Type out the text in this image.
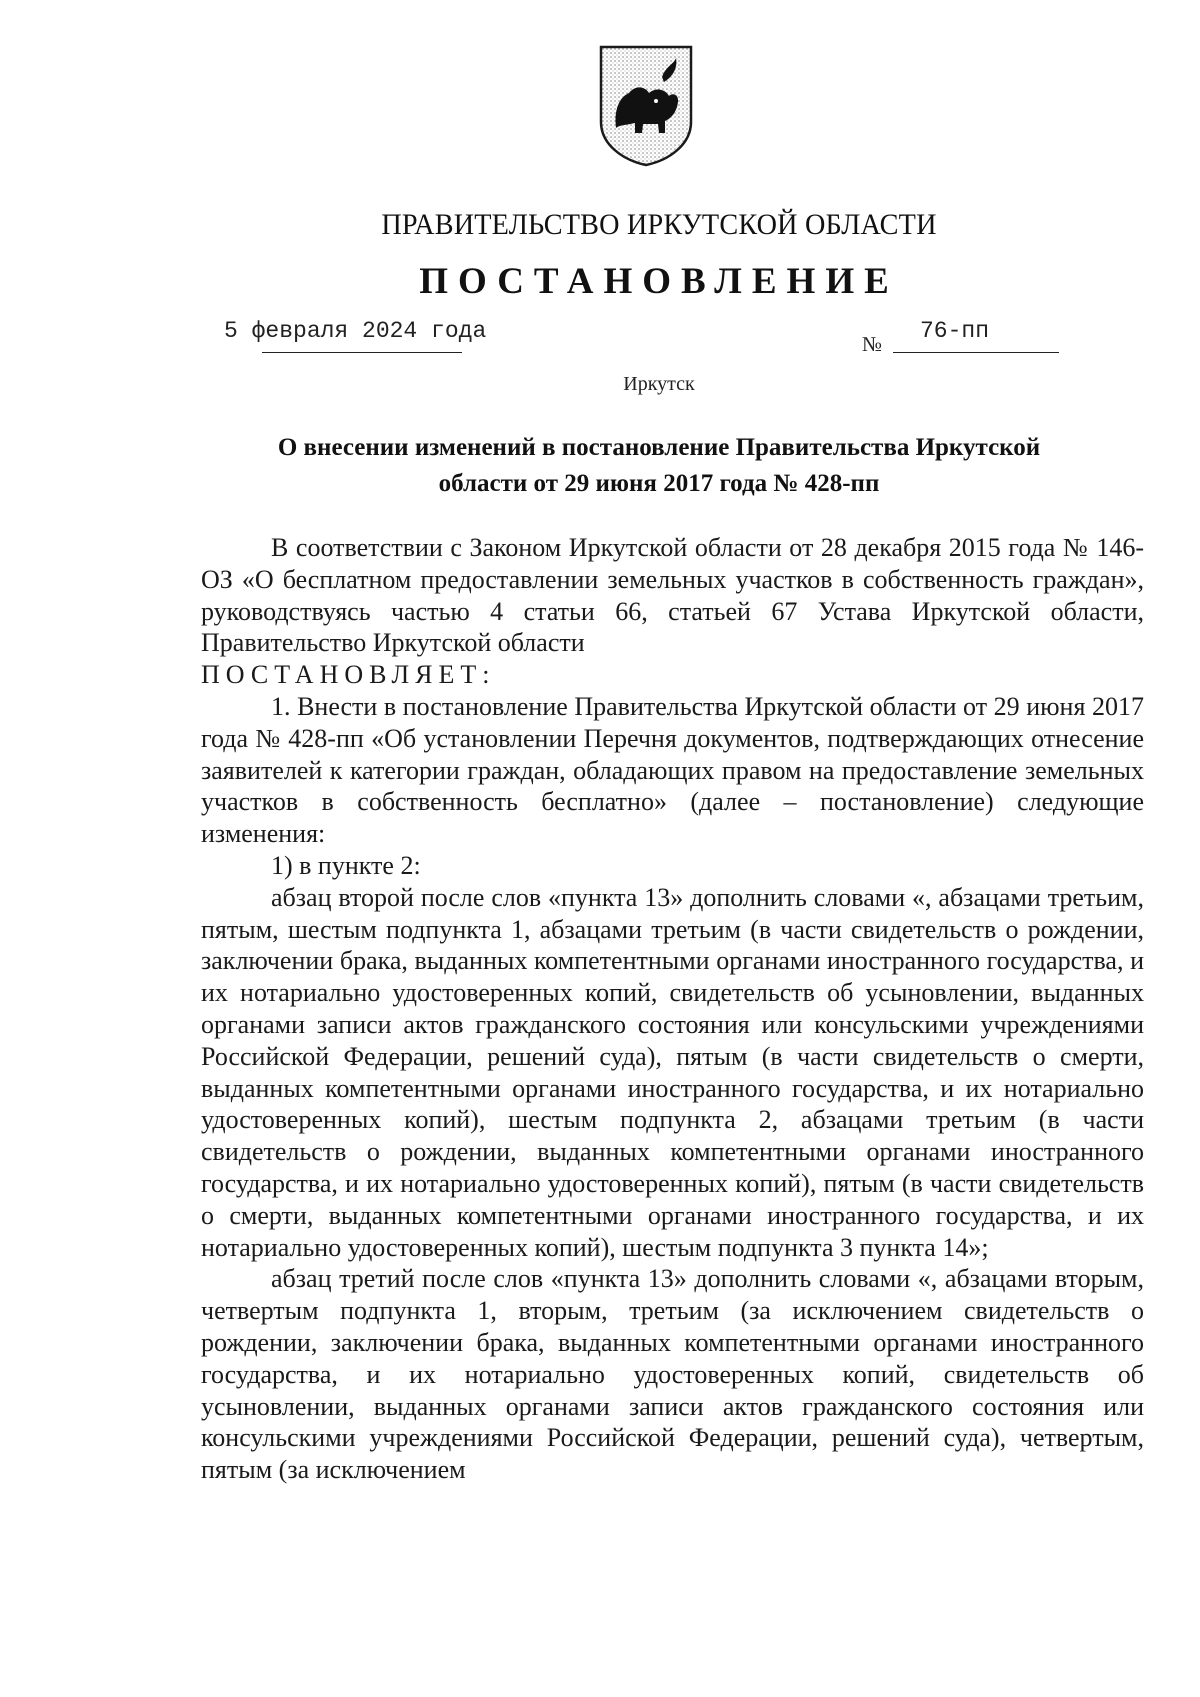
ПРАВИТЕЛЬСТВО ИРКУТСКОЙ ОБЛАСТИ
ПОСТАНОВЛЕНИЕ
5 февраля 2024 года	№ 76-пп
Иркутск
О внесении изменений в постановление Правительства Иркутской
области от 29 июня 2017 года № 428-пп

В соответствии с Законом Иркутской области от 28 декабря 2015 года № 146-ОЗ «О бесплатном предоставлении земельных участков в собственность граждан», руководствуясь частью 4 статьи 66, статьей 67 Устава Иркутской области, Правительство Иркутской области

ПОСТАНОВЛЯЕТ:

1. Внести в постановление Правительства Иркутской области от 29 июня 2017 года № 428-пп «Об установлении Перечня документов, подтверждающих отнесение заявителей к категории граждан, обладающих правом на предоставление земельных участков в собственность бесплатно» (далее – постановление) следующие изменения:

1) в пункте 2:

абзац второй после слов «пункта 13» дополнить словами «, абзацами третьим, пятым, шестым подпункта 1, абзацами третьим (в части свидетельств о рождении, заключении брака, выданных компетентными органами иностранного государства, и их нотариально удостоверенных копий, свидетельств об усыновлении, выданных органами записи актов гражданского состояния или консульскими учреждениями Российской Федерации, решений суда), пятым (в части свидетельств о смерти, выданных компетентными органами иностранного государства, и их нотариально удостоверенных копий), шестым подпункта 2, абзацами третьим (в части свидетельств о рождении, выданных компетентными органами иностранного государства, и их нотариально удостоверенных копий), пятым (в части свидетельств о смерти, выданных компетентными органами иностранного государства, и их нотариально удостоверенных копий), шестым подпункта 3 пункта 14»;

абзац третий после слов «пункта 13» дополнить словами «, абзацами вторым, четвертым подпункта 1, вторым, третьим (за исключением свидетельств о рождении, заключении брака, выданных компетентными органами иностранного государства, и их нотариально удостоверенных копий, свидетельств об усыновлении, выданных органами записи актов гражданского состояния или консульскими учреждениями Российской Федерации, решений суда), четвертым, пятым (за исключением
